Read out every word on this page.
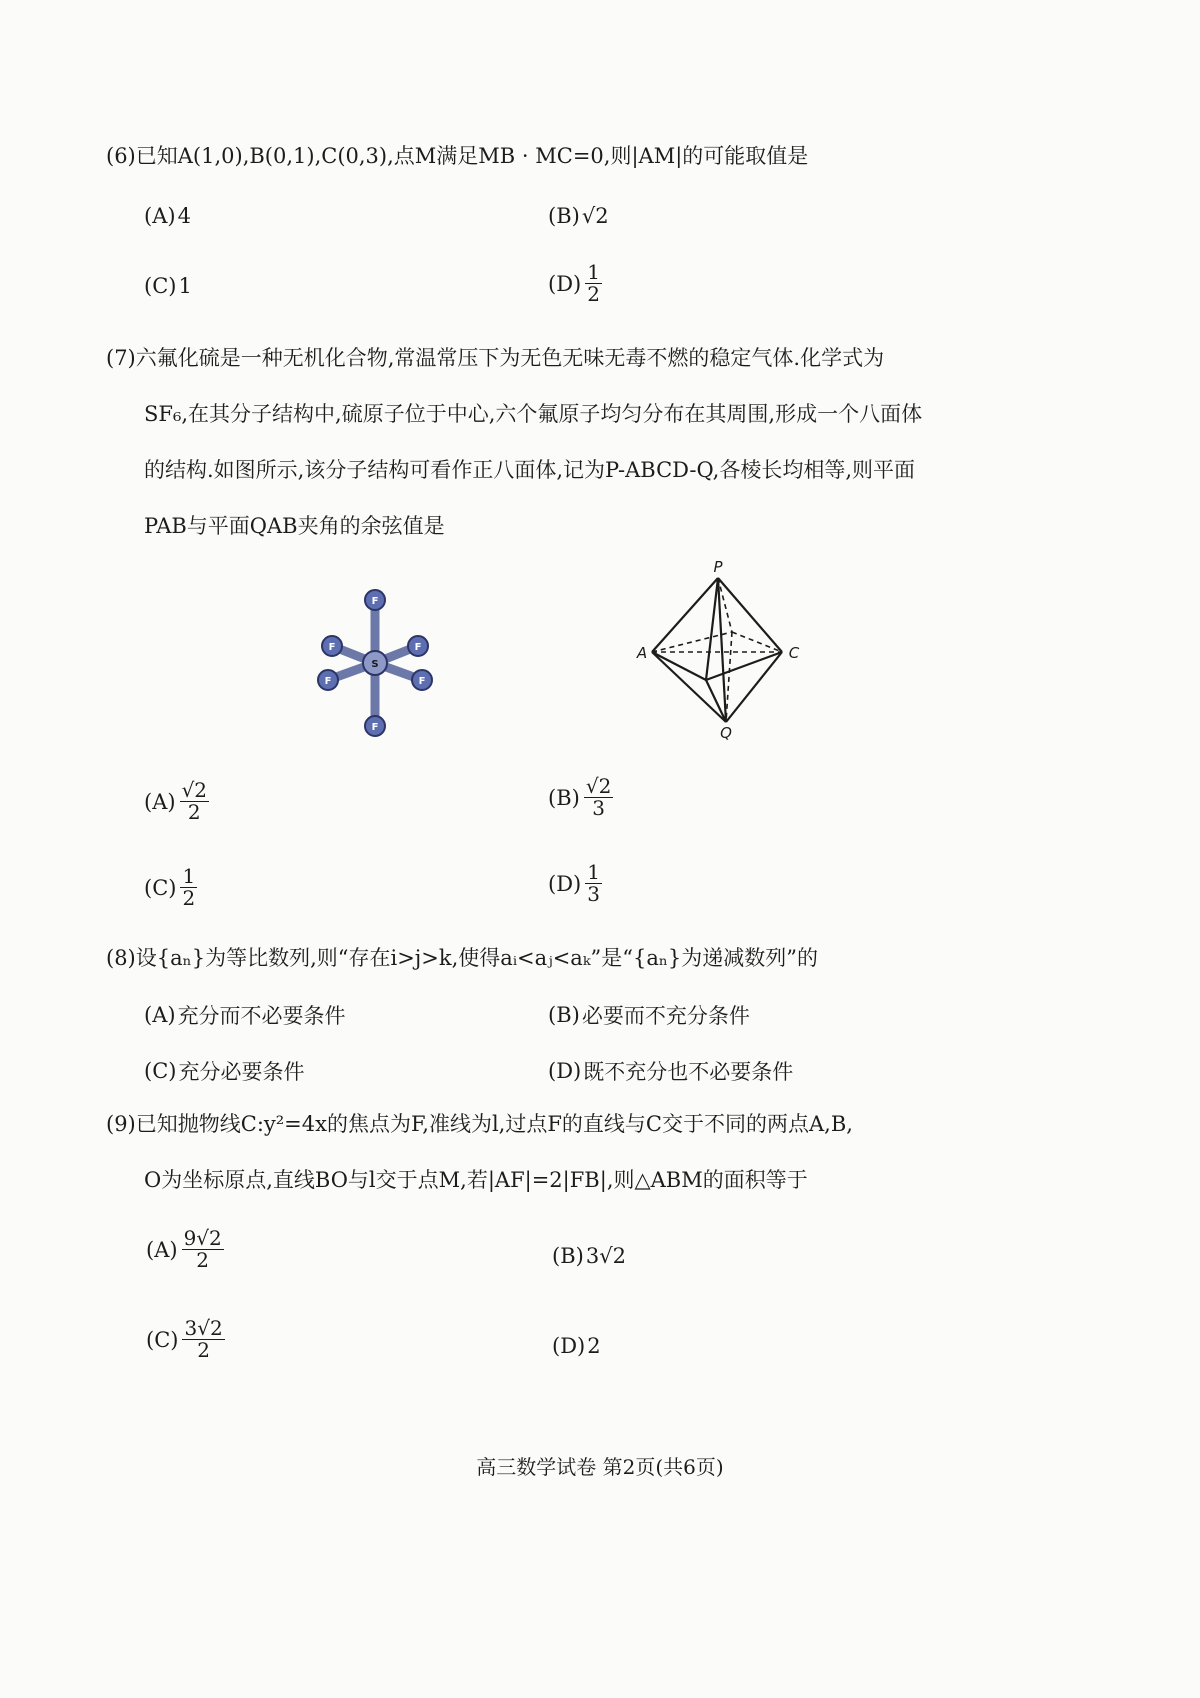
(6)已知A(1,0),B(0,1),C(0,3),点M满足MB · MC=0,则|AM|的可能取值是
(A) 4	(B) √2
(C) 1	$(D) \frac{1}{2}$
(7)六氟化硫是一种无机化合物,常温常压下为无色无味无毒不燃的稳定气体.化学式为
SF₆,在其分子结构中,硫原子位于中心,六个氟原子均匀分布在其周围,形成一个八面体
的结构.如图所示,该分子结构可看作正八面体,记为P-ABCD-Q,各棱长均相等,则平面
PAB与平面QAB夹角的余弦值是
F
F
F	F
F	F
S
P
A	C
Q
$(A) \frac{√2}{2}$	$(B) \frac{√2}{3}$
$(C) \frac{1}{2}$	$(D) \frac{1}{3}$
(8)设{aₙ}为等比数列,则“存在i>j>k,使得aᵢ<aⱼ<aₖ”是“{aₙ}为递减数列”的
(A) 充分而不必要条件	(B) 必要而不充分条件
(C) 充分必要条件	(D) 既不充分也不必要条件
(9)已知抛物线C:y²=4x的焦点为F,准线为l,过点F的直线与C交于不同的两点A,B,
O为坐标原点,直线BO与l交于点M,若|AF|=2|FB|,则△ABM的面积等于
$(A) \frac{9√2}{2}$	(B) 3√2
$(C) \frac{3√2}{2}$	(D) 2
高三数学试卷 第2页(共6页)
